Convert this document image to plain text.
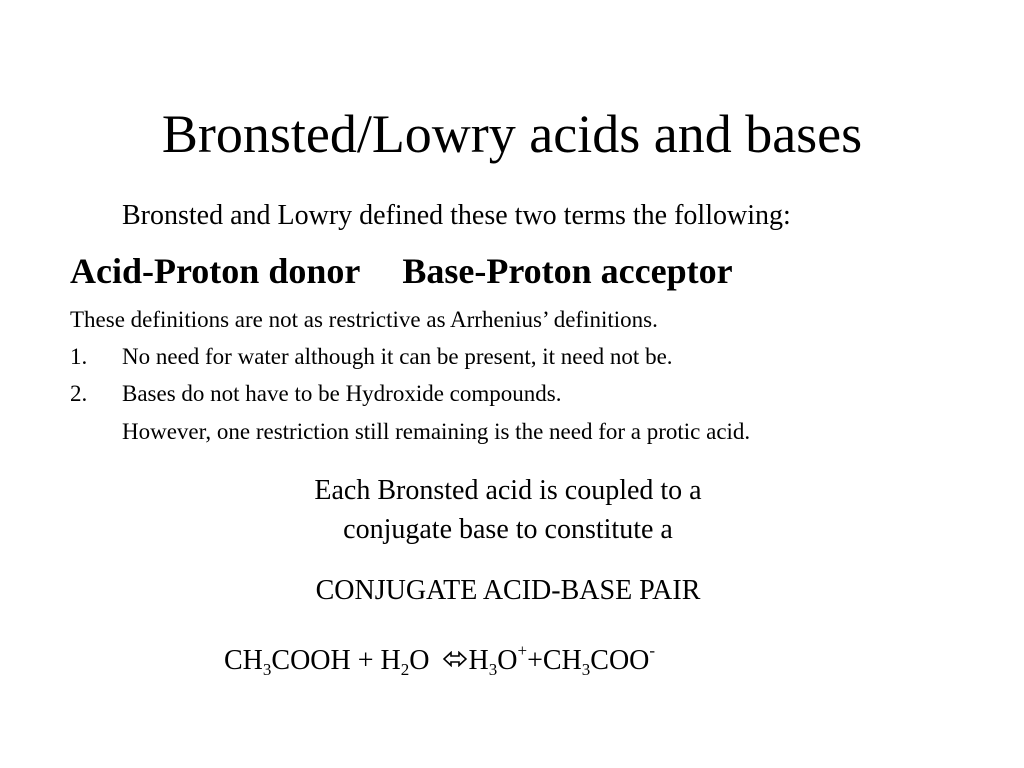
Bronsted/Lowry acids and bases
Bronsted and Lowry defined these two terms the following:
Acid-Proton donor Base-Proton acceptor
These definitions are not as restrictive as Arrhenius’ definitions.
1. No need for water although it can be present, it need not be.
2. Bases do not have to be Hydroxide compounds.
However, one restriction still remaining is the need for a protic acid.
Each Bronsted acid is coupled to a
conjugate base to constitute a
CONJUGATE ACID-BASE PAIR
$CH_3COOH + H_2O$
$H_3O^++CH_3COO^-$
